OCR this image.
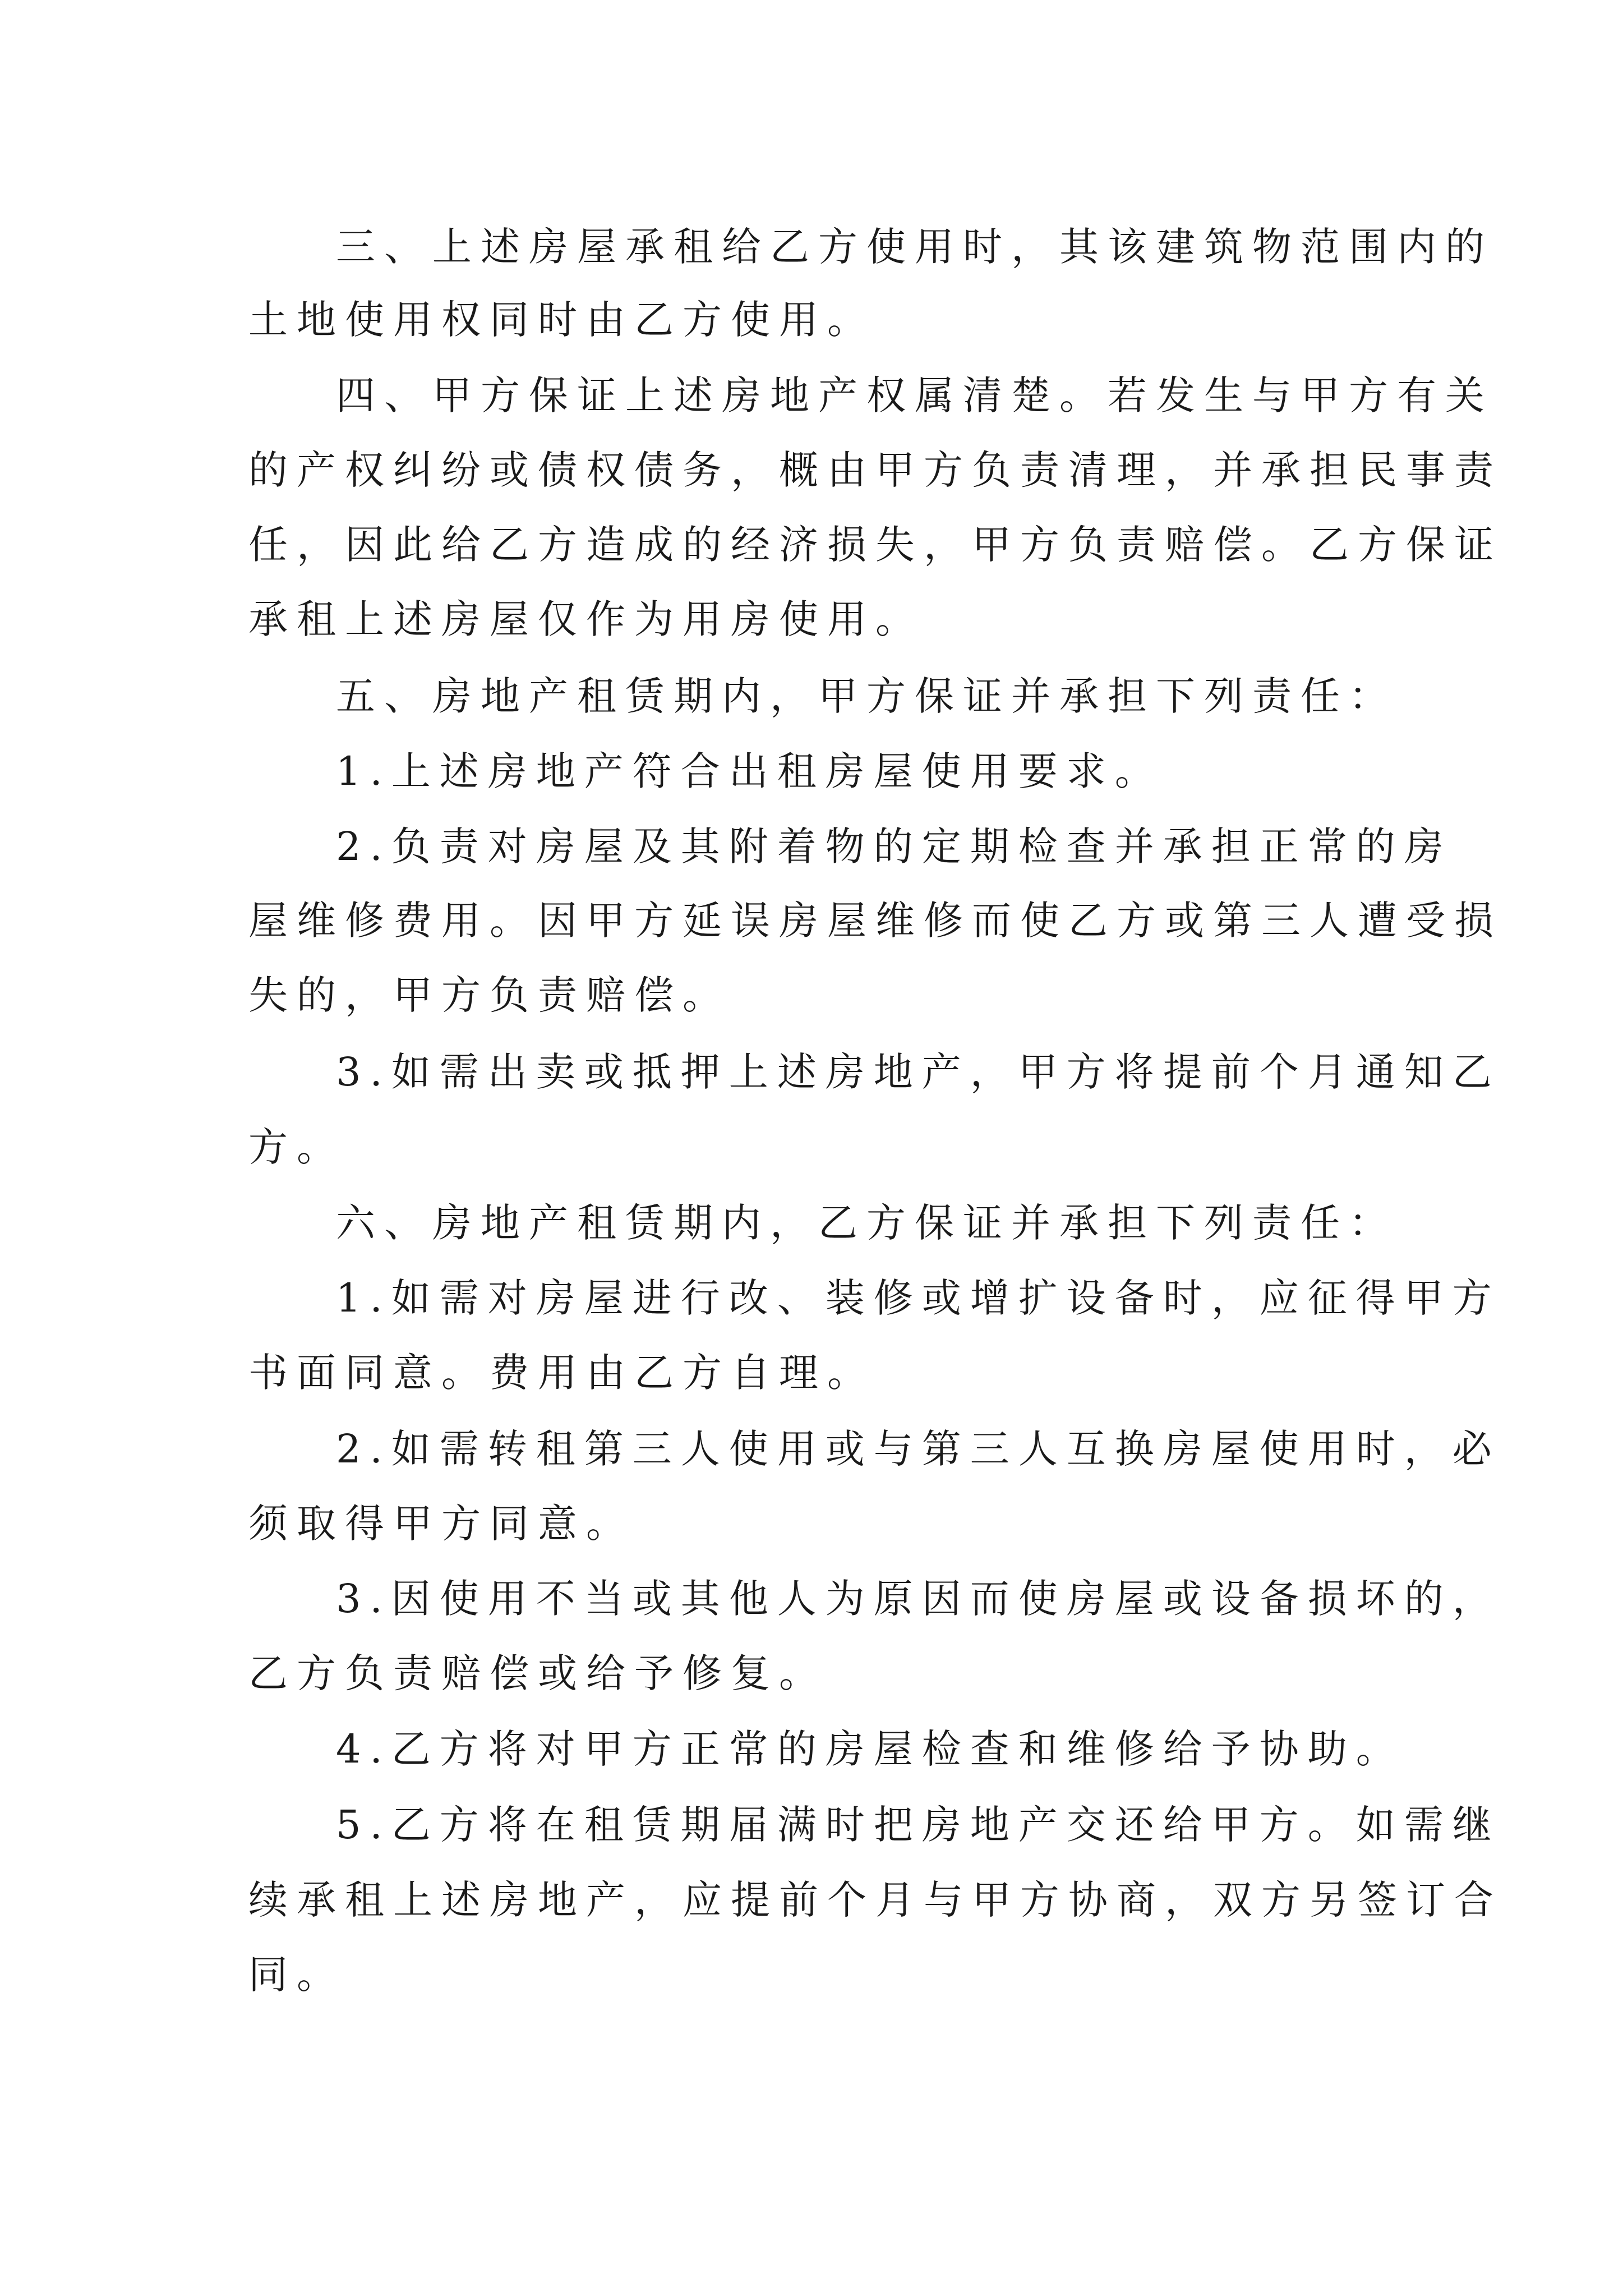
三、上述房屋承租给乙方使用时，其该建筑物范围内的
土地使用权同时由乙方使用。
四、甲方保证上述房地产权属清楚。若发生与甲方有关
的产权纠纷或债权债务，概由甲方负责清理，并承担民事责
任，因此给乙方造成的经济损失，甲方负责赔偿。乙方保证
承租上述房屋仅作为用房使用。
五、房地产租赁期内，甲方保证并承担下列责任：
1.上述房地产符合出租房屋使用要求。
2.负责对房屋及其附着物的定期检查并承担正常的房
屋维修费用。因甲方延误房屋维修而使乙方或第三人遭受损
失的，甲方负责赔偿。
3.如需出卖或抵押上述房地产，甲方将提前个月通知乙
方。
六、房地产租赁期内，乙方保证并承担下列责任：
1.如需对房屋进行改、装修或增扩设备时，应征得甲方
书面同意。费用由乙方自理。
2.如需转租第三人使用或与第三人互换房屋使用时，必
须取得甲方同意。
3.因使用不当或其他人为原因而使房屋或设备损坏的，
乙方负责赔偿或给予修复。
4.乙方将对甲方正常的房屋检查和维修给予协助。
5.乙方将在租赁期届满时把房地产交还给甲方。如需继
续承租上述房地产，应提前个月与甲方协商，双方另签订合
同。
